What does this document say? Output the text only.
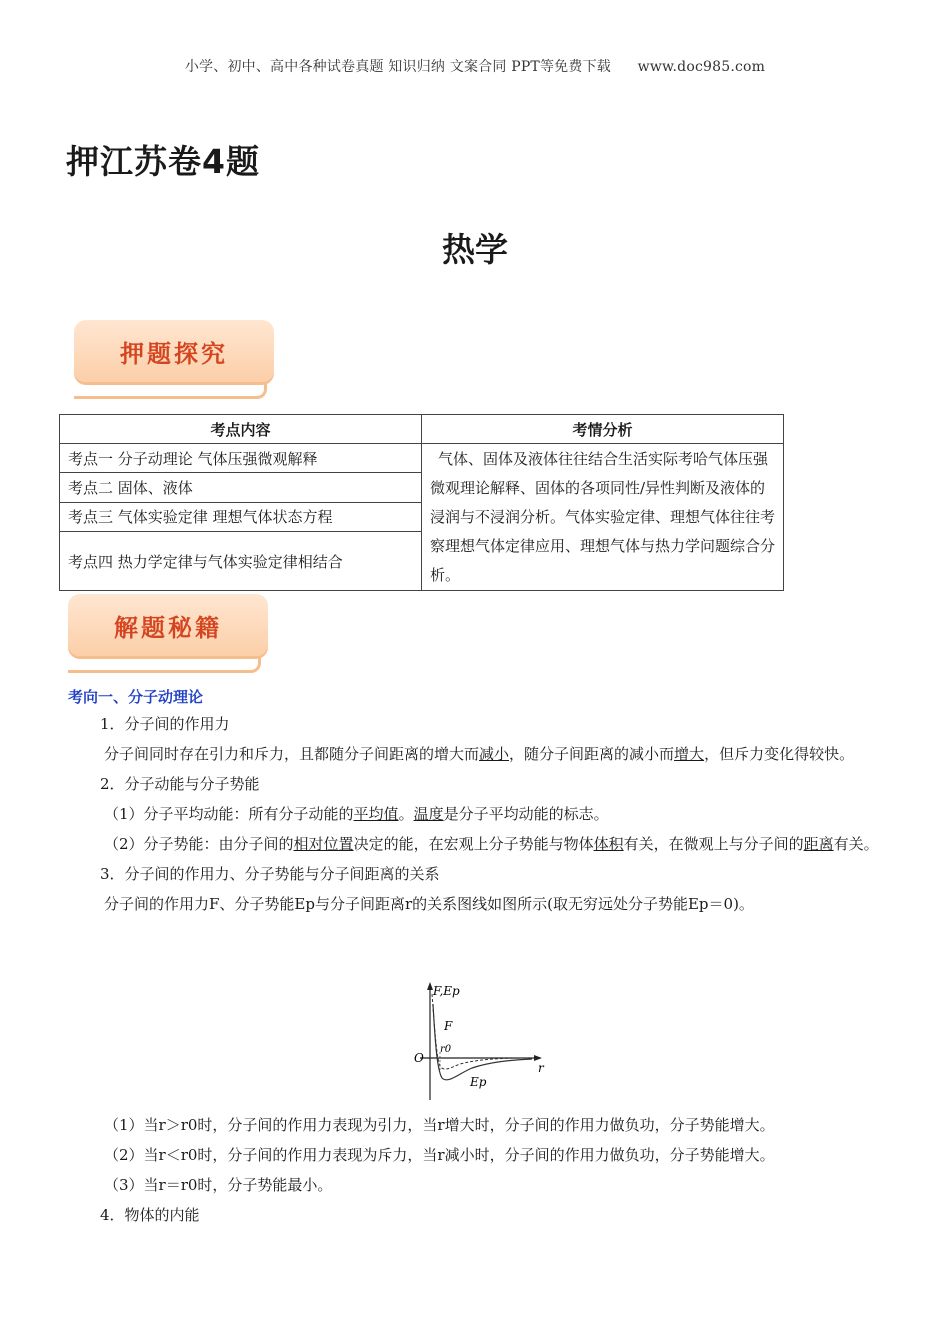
小学、初中、高中各种试卷真题 知识归纳 文案合同 PPT等免费下载 www.doc985.com
押江苏卷4题
热学
押题探究
考点内容	考情分析
考点一 分子动理论 气体压强微观解释	气体、固体及液体往往结合生活实际考哈气体压强微观理论解释、固体的各项同性/异性判断及液体的浸润与不浸润分析。气体实验定律、理想气体往往考察理想气体定律应用、理想气体与热力学问题综合分析。
考点二 固体、液体	
考点三 气体实验定律 理想气体状态方程	
考点四 热力学定律与气体实验定律相结合	
解题秘籍
考向一、分子动理论
1．分子间的作用力
分子间同时存在引力和斥力，且都随分子间距离的增大而减小，随分子间距离的减小而增大，但斥力变化得较快。
2．分子动能与分子势能
（1）分子平均动能：所有分子动能的平均值。温度是分子平均动能的标志。
（2）分子势能：由分子间的相对位置决定的能，在宏观上分子势能与物体体积有关，在微观上与分子间的距离有关。
3．分子间的作用力、分子势能与分子间距离的关系
分子间的作用力F、分子势能Ep与分子间距离r的关系图线如图所示(取无穷远处分子势能Ep＝0)。
F,Ep
F
r0
O
r
Ep
（1）当r＞r0时，分子间的作用力表现为引力，当r增大时，分子间的作用力做负功，分子势能增大。
（2）当r＜r0时，分子间的作用力表现为斥力，当r减小时，分子间的作用力做负功，分子势能增大。
（3）当r＝r0时，分子势能最小。
4．物体的内能
